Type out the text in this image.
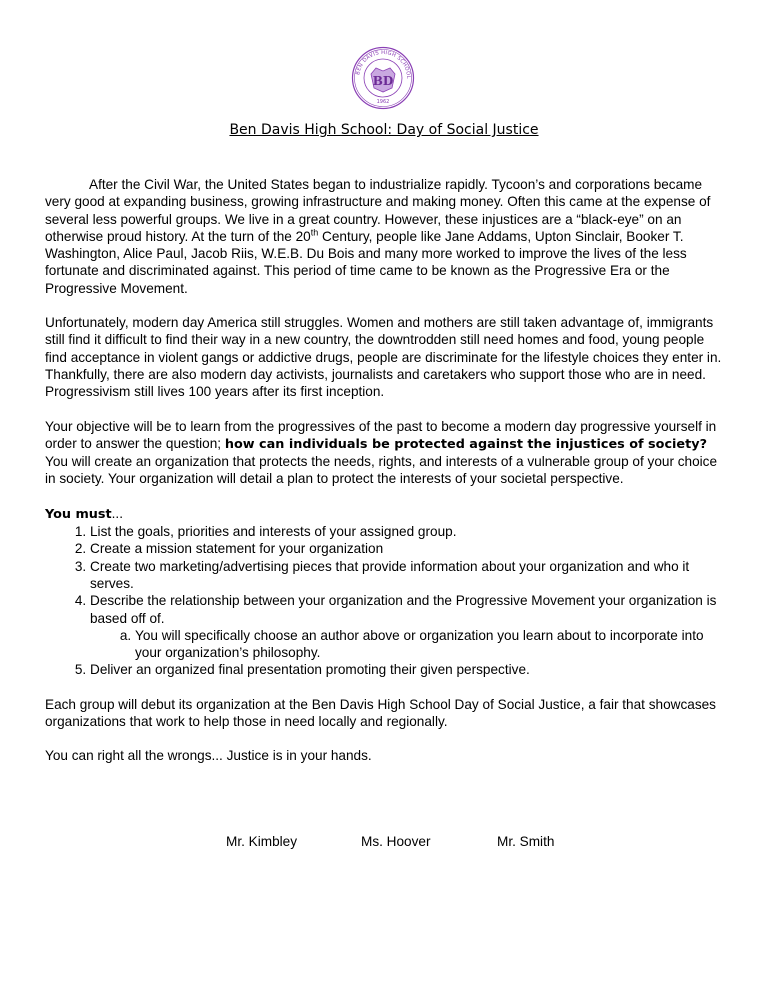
BEN DAVIS HIGH SCHOOL
BD
1962
Ben Davis High School: Day of Social Justice

After the Civil War, the United States began to industrialize rapidly. Tycoon’s and corporations became very good at expanding business, growing infrastructure and making money. Often this came at the expense of several less powerful groups. We live in a great country. However, these injustices are a “black-eye” on an otherwise proud history. At the turn of the 20th Century, people like Jane Addams, Upton Sinclair, Booker T. Washington, Alice Paul, Jacob Riis, W.E.B. Du Bois and many more worked to improve the lives of the less fortunate and discriminated against. This period of time came to be known as the Progressive Era or the Progressive Movement.

Unfortunately, modern day America still struggles. Women and mothers are still taken advantage of, immigrants still find it difficult to find their way in a new country, the downtrodden still need homes and food, young people find acceptance in violent gangs or addictive drugs, people are discriminate for the lifestyle choices they enter in. Thankfully, there are also modern day activists, journalists and caretakers who support those who are in need. Progressivism still lives 100 years after its first inception.

Your objective will be to learn from the progressives of the past to become a modern day progressive yourself in order to answer the question; how can individuals be protected against the injustices of society? You will create an organization that protects the needs, rights, and interests of a vulnerable group of your choice in society. Your organization will detail a plan to protect the interests of your societal perspective.

You must...

1. List the goals, priorities and interests of your assigned group.
2. Create a mission statement for your organization
3. Create two marketing/advertising pieces that provide information about your organization and who it serves.
4. Describe the relationship between your organization and the Progressive Movement your organization is based off of.
a. You will specifically choose an author above or organization you learn about to incorporate into your organization’s philosophy.
5. Deliver an organized final presentation promoting their given perspective.

Each group will debut its organization at the Ben Davis High School Day of Social Justice, a fair that showcases organizations that work to help those in need locally and regionally.

You can right all the wrongs... Justice is in your hands.

Mr. Kimbley	Ms. Hoover	Mr. Smith
